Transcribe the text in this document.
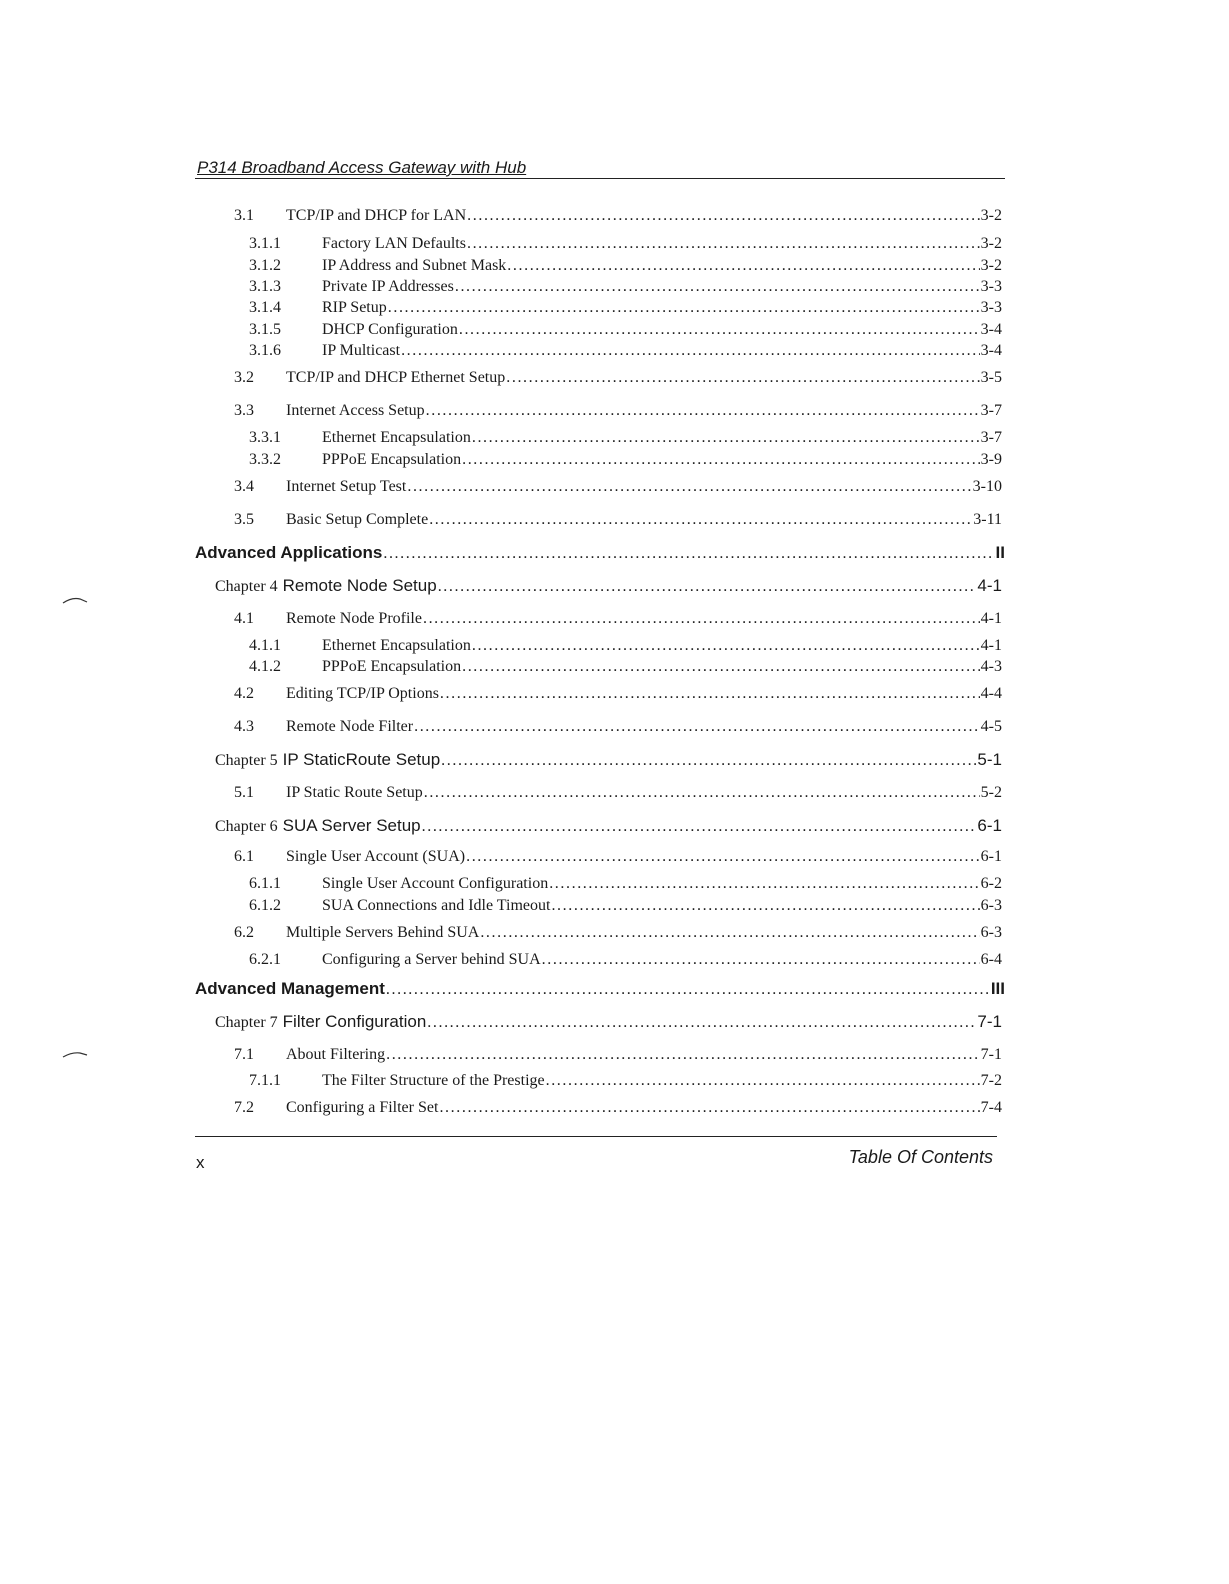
P314 Broadband Access Gateway with Hub
3.1	TCP/IP and DHCP for LAN . . .	3-2
3.1.1	Factory LAN Defaults . . .	3-2
3.1.2	IP Address and Subnet Mask . . .	3-2
3.1.3	Private IP Addresses . . .	3-3
3.1.4	RIP Setup . . .	3-3
3.1.5	DHCP Configuration . . .	3-4
3.1.6	IP Multicast . . .	3-4
3.2	TCP/IP and DHCP Ethernet Setup . . .	3-5
3.3	Internet Access Setup . . .	3-7
3.3.1	Ethernet Encapsulation . . .	3-7
3.3.2	PPPoE Encapsulation . . .	3-9
3.4	Internet Setup Test . . .	3-10
3.5	Basic Setup Complete . . .	3-11
Advanced Applications . . .	II
Chapter 4 Remote Node Setup . . .	4-1
4.1	Remote Node Profile . . .	4-1
4.1.1	Ethernet Encapsulation . . .	4-1
4.1.2	PPPoE Encapsulation . . .	4-3
4.2	Editing TCP/IP Options . . .	4-4
4.3	Remote Node Filter . . .	4-5
Chapter 5 IP StaticRoute Setup . . .	5-1
5.1	IP Static Route Setup . . .	5-2
Chapter 6 SUA Server Setup . . .	6-1
6.1	Single User Account (SUA) . . .	6-1
6.1.1	Single User Account Configuration . . .	6-2
6.1.2	SUA Connections and Idle Timeout . . .	6-3
6.2	Multiple Servers Behind SUA . . .	6-3
6.2.1	Configuring a Server behind SUA . . .	6-4
Advanced Management . . .	III
Chapter 7 Filter Configuration . . .	7-1
7.1	About Filtering . . .	7-1
7.1.1	The Filter Structure of the Prestige . . .	7-2
7.2	Configuring a Filter Set . . .	7-4
x	Table Of Contents
